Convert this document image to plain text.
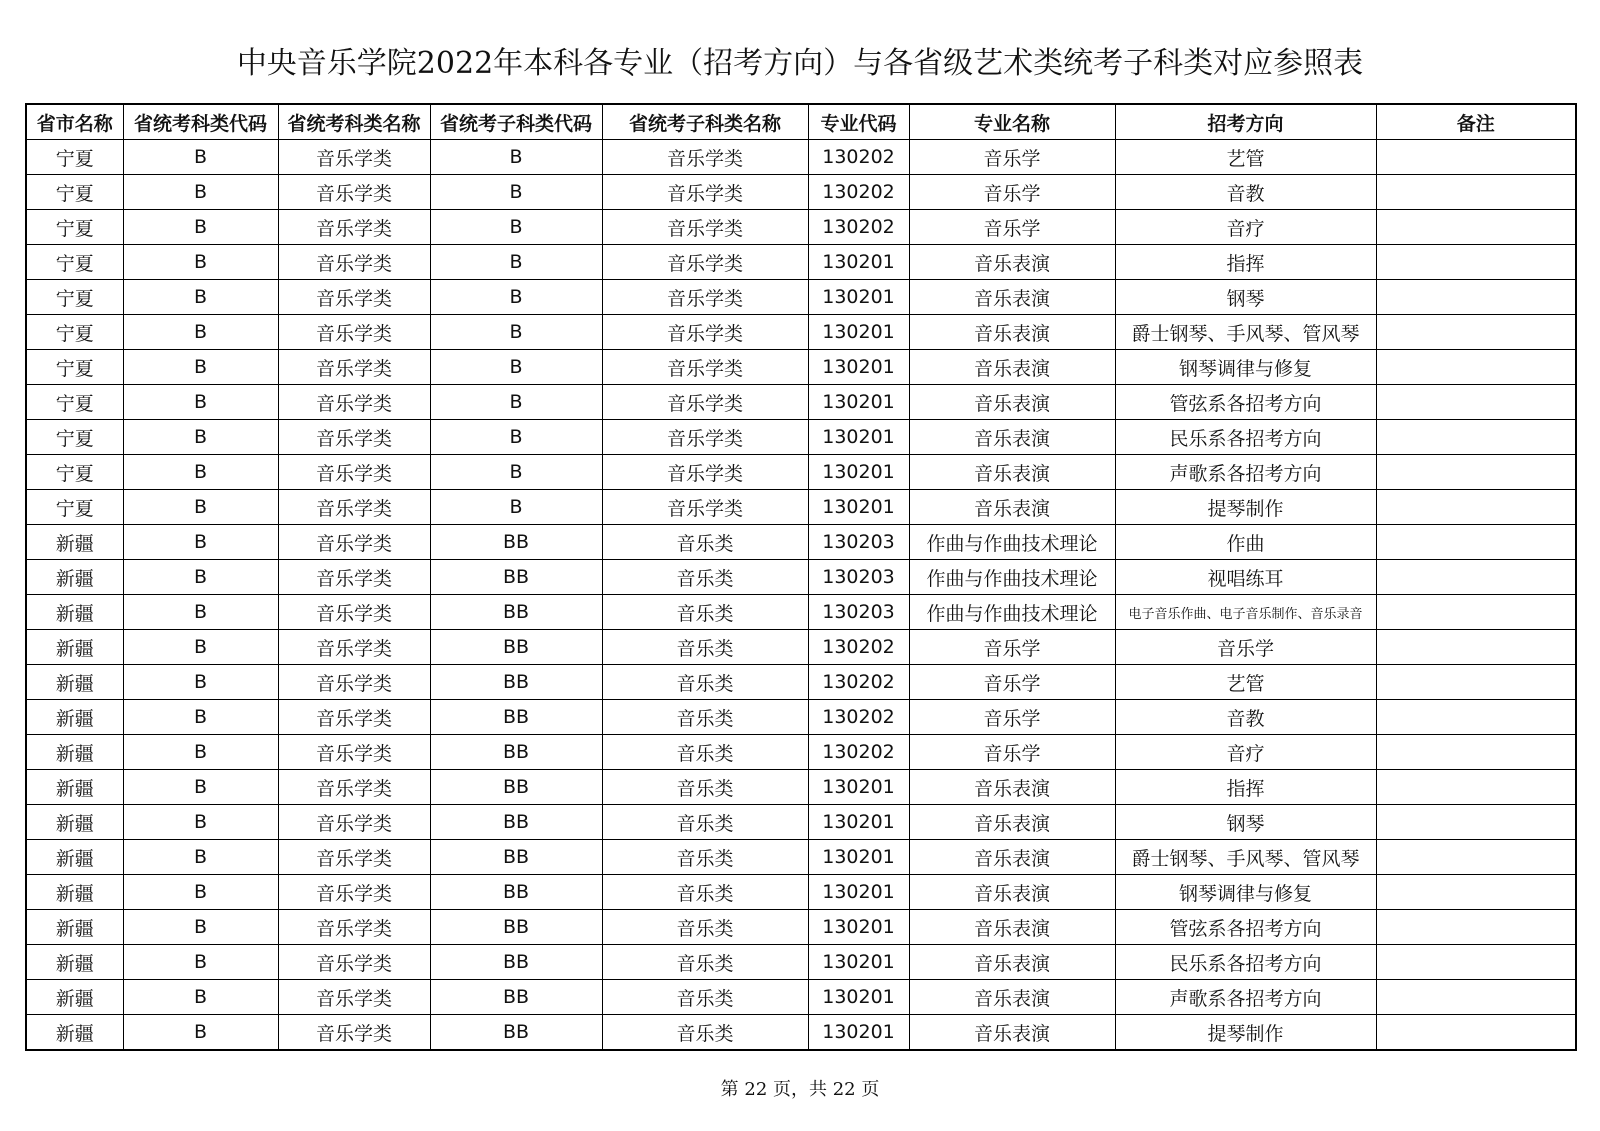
中央音乐学院2022年本科各专业（招考方向）与各省级艺术类统考子科类对应参照表
省市名称	省统考科类代码	省统考科类名称	省统考子科类代码	省统考子科类名称	专业代码	专业名称	招考方向	备注
宁夏	B	音乐学类	B	音乐学类	130202	音乐学	艺管	
宁夏	B	音乐学类	B	音乐学类	130202	音乐学	音教	
宁夏	B	音乐学类	B	音乐学类	130202	音乐学	音疗	
宁夏	B	音乐学类	B	音乐学类	130201	音乐表演	指挥	
宁夏	B	音乐学类	B	音乐学类	130201	音乐表演	钢琴	
宁夏	B	音乐学类	B	音乐学类	130201	音乐表演	爵士钢琴、手风琴、管风琴	
宁夏	B	音乐学类	B	音乐学类	130201	音乐表演	钢琴调律与修复	
宁夏	B	音乐学类	B	音乐学类	130201	音乐表演	管弦系各招考方向	
宁夏	B	音乐学类	B	音乐学类	130201	音乐表演	民乐系各招考方向	
宁夏	B	音乐学类	B	音乐学类	130201	音乐表演	声歌系各招考方向	
宁夏	B	音乐学类	B	音乐学类	130201	音乐表演	提琴制作	
新疆	B	音乐学类	BB	音乐类	130203	作曲与作曲技术理论	作曲	
新疆	B	音乐学类	BB	音乐类	130203	作曲与作曲技术理论	视唱练耳	
新疆	B	音乐学类	BB	音乐类	130203	作曲与作曲技术理论	电子音乐作曲、电子音乐制作、音乐录音	
新疆	B	音乐学类	BB	音乐类	130202	音乐学	音乐学	
新疆	B	音乐学类	BB	音乐类	130202	音乐学	艺管	
新疆	B	音乐学类	BB	音乐类	130202	音乐学	音教	
新疆	B	音乐学类	BB	音乐类	130202	音乐学	音疗	
新疆	B	音乐学类	BB	音乐类	130201	音乐表演	指挥	
新疆	B	音乐学类	BB	音乐类	130201	音乐表演	钢琴	
新疆	B	音乐学类	BB	音乐类	130201	音乐表演	爵士钢琴、手风琴、管风琴	
新疆	B	音乐学类	BB	音乐类	130201	音乐表演	钢琴调律与修复	
新疆	B	音乐学类	BB	音乐类	130201	音乐表演	管弦系各招考方向	
新疆	B	音乐学类	BB	音乐类	130201	音乐表演	民乐系各招考方向	
新疆	B	音乐学类	BB	音乐类	130201	音乐表演	声歌系各招考方向	
新疆	B	音乐学类	BB	音乐类	130201	音乐表演	提琴制作	
第 22 页，共 22 页
